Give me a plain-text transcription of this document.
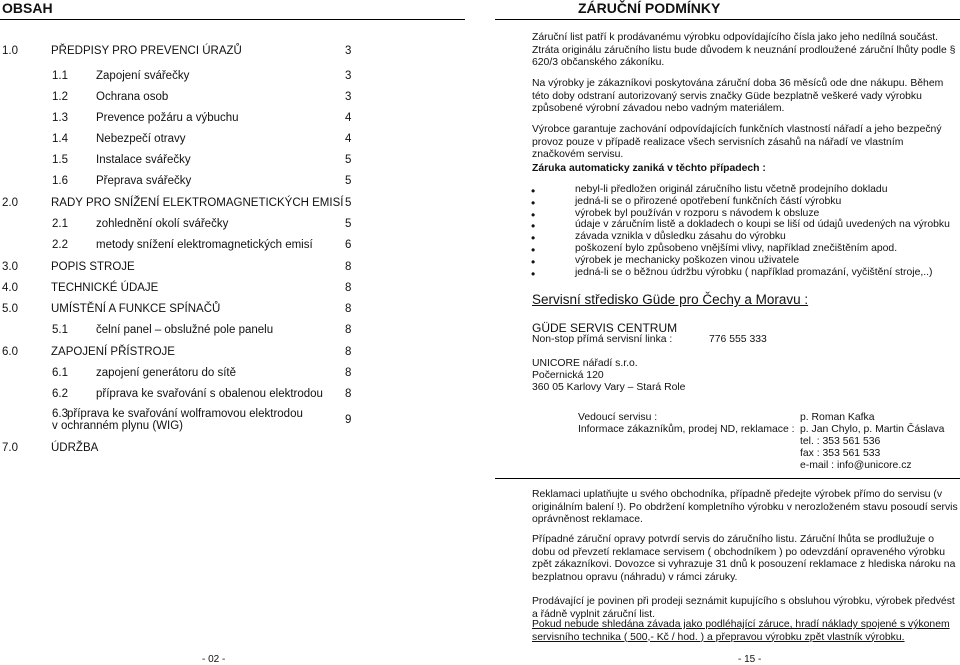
OBSAH
1.0	PŘEDPISY PRO PREVENCI ÚRAZŮ	3
1.1 Zapojení svářečky	3
1.2 Ochrana osob	3
1.3 Prevence požáru a výbuchu	4
1.4 Nebezpečí otravy	4
1.5 Instalace svářečky	5
1.6 Přeprava svářečky	5
2.0	RADY PRO SNÍŽENÍ ELEKTROMAGNETICKÝCH EMISÍ 5
2.1 zohlednění okolí svářečky	5
2.2 metody snížení elektromagnetických emisí	6
3.0	POPIS STROJE	8
4.0	TECHNICKÉ ÚDAJE	8
5.0	UMÍSTĚNÍ A FUNKCE SPÍNAČŮ	8
5.1 čelní panel – obslužné pole panelu	8
6.0	ZAPOJENÍ PŘÍSTROJE	8
6.1 zapojení generátoru do sítě	8
6.2 příprava ke svařování s obalenou elektrodou 8
6.3 příprava ke svařování wolframovou elektrodou
v ochranném plynu (WIG)	9
7.0	ÚDRŽBA
- 02 -
ZÁRUČNÍ PODMÍNKY
Záruční list patří k prodávanému výrobku odpovídajícího čísla jako jeho nedílná součást. Ztráta originálu záručního listu bude důvodem k neuznání prodloužené záruční lhůty podle § 620/3 občanského zákoníku.
Na výrobky je zákazníkovi poskytována záruční doba 36 měsíců ode dne nákupu. Během této doby odstraní autorizovaný servis značky Güde bezplatně veškeré vady výrobku způsobené výrobní závadou nebo vadným materiálem.
Výrobce garantuje zachování odpovídajících funkčních vlastností nářadí a jeho bezpečný provoz pouze v případě realizace všech servisních zásahů na nářadí ve vlastním značkovém servisu.
Záruka automaticky zaniká v těchto případech :
• nebyl-li předložen originál záručního listu včetně prodejního dokladu
• jedná-li se o přirozené opotřebení funkčních částí výrobku
• výrobek byl používán v rozporu s návodem k obsluze
• údaje v záručním listě a dokladech o koupi se liší od údajů uvedených na výrobku
• závada vznikla v důsledku zásahu do výrobku
• poškození bylo způsobeno vnějšími vlivy, například znečištěním apod.
• výrobek je mechanicky poškozen vinou uživatele
• jedná-li se o běžnou údržbu výrobku ( například promazání, vyčištění stroje,..)
Servisní středisko Güde pro Čechy a Moravu :
GÜDE SERVIS CENTRUM
Non-stop přímá servisní linka :	776 555 333
UNICORE nářadí s.r.o.
Počernická 120
360 05 Karlovy Vary – Stará Role
Vedoucí servisu :	p. Roman Kafka
Informace zákazníkům, prodej ND, reklamace : p. Jan Chylo, p. Martin Čáslava
tel. : 353 561 536
fax : 353 561 533
e-mail : info@unicore.cz
Reklamaci uplatňujte u svého obchodníka, případně předejte výrobek přímo do servisu (v originálním balení !). Po obdržení kompletního výrobku v nerozloženém stavu posoudí servis oprávněnost reklamace.
Případné záruční opravy potvrdí servis do záručního listu. Záruční lhůta se prodlužuje o dobu od převzetí reklamace servisem ( obchodníkem ) po odevzdání opraveného výrobku zpět zákazníkovi. Dovozce si vyhrazuje 31 dnů k posouzení reklamace z hlediska nároku na bezplatnou opravu (náhradu) v rámci záruky.
Prodávající je povinen při prodeji seznámit kupujícího s obsluhou výrobku, výrobek předvést a řádně vyplnit záruční list.
Pokud nebude shledána závada jako podléhající záruce, hradí náklady spojené s výkonem servisního technika ( 500,- Kč / hod. ) a přepravou výrobku zpět vlastník výrobku.
- 15 -
